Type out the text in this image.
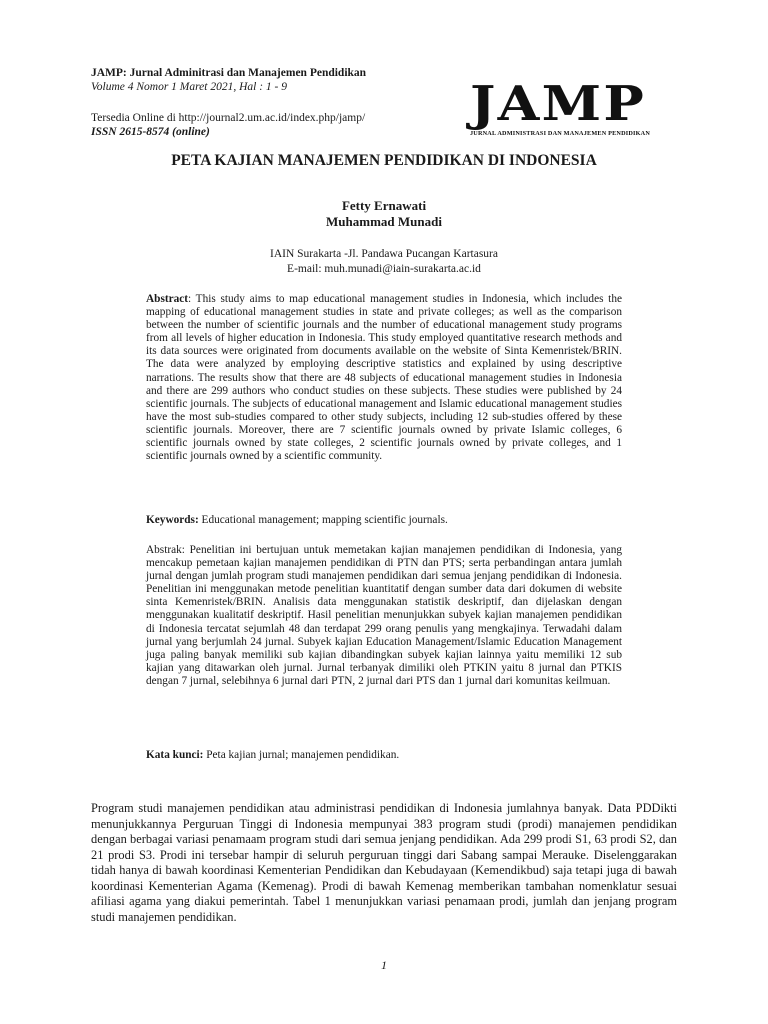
JAMP: Jurnal Adminitrasi dan Manajemen Pendidikan
Volume 4 Nomor 1 Maret 2021, Hal : 1 - 9
Tersedia Online di http://journal2.um.ac.id/index.php/jamp/
ISSN 2615-8574 (online)	JAMP
JURNAL ADMINISTRASI DAN MANAJEMEN PENDIDIKAN
PETA KAJIAN MANAJEMEN PENDIDIKAN DI INDONESIA
Fetty Ernawati
Muhammad Munadi
IAIN Surakarta -Jl. Pandawa Pucangan Kartasura
E-mail: muh.munadi@iain-surakarta.ac.id

Abstract: This study aims to map educational management studies in Indonesia, which includes the mapping of educational management studies in state and private colleges; as well as the comparison between the number of scientific journals and the number of educational management study programs from all levels of higher education in Indonesia. This study employed quantitative research methods and its data sources were originated from documents available on the website of Sinta Kemenristek/BRIN. The data were analyzed by employing descriptive statistics and explained by using descriptive narrations. The results show that there are 48 subjects of educational management studies in Indonesia and there are 299 authors who conduct studies on these subjects. These studies were published by 24 scientific journals. The subjects of educational management and Islamic educational management studies have the most sub-studies compared to other study subjects, including 12 sub-studies offered by these scientific journals. Moreover, there are 7 scientific journals owned by private Islamic colleges, 6 scientific journals owned by state colleges, 2 scientific journals owned by private colleges, and 1 scientific journals owned by a scientific community.

Keywords: Educational management; mapping scientific journals.

Abstrak: Penelitian ini bertujuan untuk memetakan kajian manajemen pendidikan di Indonesia, yang mencakup pemetaan kajian manajemen pendidikan di PTN dan PTS; serta perbandingan antara jumlah jurnal dengan jumlah program studi manajemen pendidikan dari semua jenjang pendidikan di Indonesia. Penelitian ini menggunakan metode penelitian kuantitatif dengan sumber data dari dokumen di website sinta Kemenristek/BRIN. Analisis data menggunakan statistik deskriptif, dan dijelaskan dengan menggunakan kualitatif deskriptif. Hasil penelitian menunjukkan subyek kajian manajemen pendidikan di Indonesia tercatat sejumlah 48 dan terdapat 299 orang penulis yang mengkajinya. Terwadahi dalam jurnal yang berjumlah 24 jurnal. Subyek kajian Education Management/Islamic Education Management juga paling banyak memiliki sub kajian dibandingkan subyek kajian lainnya yaitu memiliki 12 sub kajian yang ditawarkan oleh jurnal. Jurnal terbanyak dimiliki oleh PTKIN yaitu 8 jurnal dan PTKIS dengan 7 jurnal, selebihnya 6 jurnal dari PTN, 2 jurnal dari PTS dan 1 jurnal dari komunitas keilmuan.

Kata kunci: Peta kajian jurnal; manajemen pendidikan.

Program studi manajemen pendidikan atau administrasi pendidikan di Indonesia jumlahnya banyak. Data PDDikti menunjukkannya Perguruan Tinggi di Indonesia mempunyai 383 program studi (prodi) manajemen pendidikan dengan berbagai variasi penamaam program studi dari semua jenjang pendidikan. Ada 299 prodi S1, 63 prodi S2, dan 21 prodi S3. Prodi ini tersebar hampir di seluruh perguruan tinggi dari Sabang sampai Merauke. Diselenggarakan tidah hanya di bawah koordinasi Kementerian Pendidikan dan Kebudayaan (Kemendikbud) saja tetapi juga di bawah koordinasi Kementerian Agama (Kemenag). Prodi di bawah Kemenag memberikan tambahan nomenklatur sesuai afiliasi agama yang diakui pemerintah. Tabel 1 menunjukkan variasi penamaan prodi, jumlah dan jenjang program studi manajemen pendidikan.

1
